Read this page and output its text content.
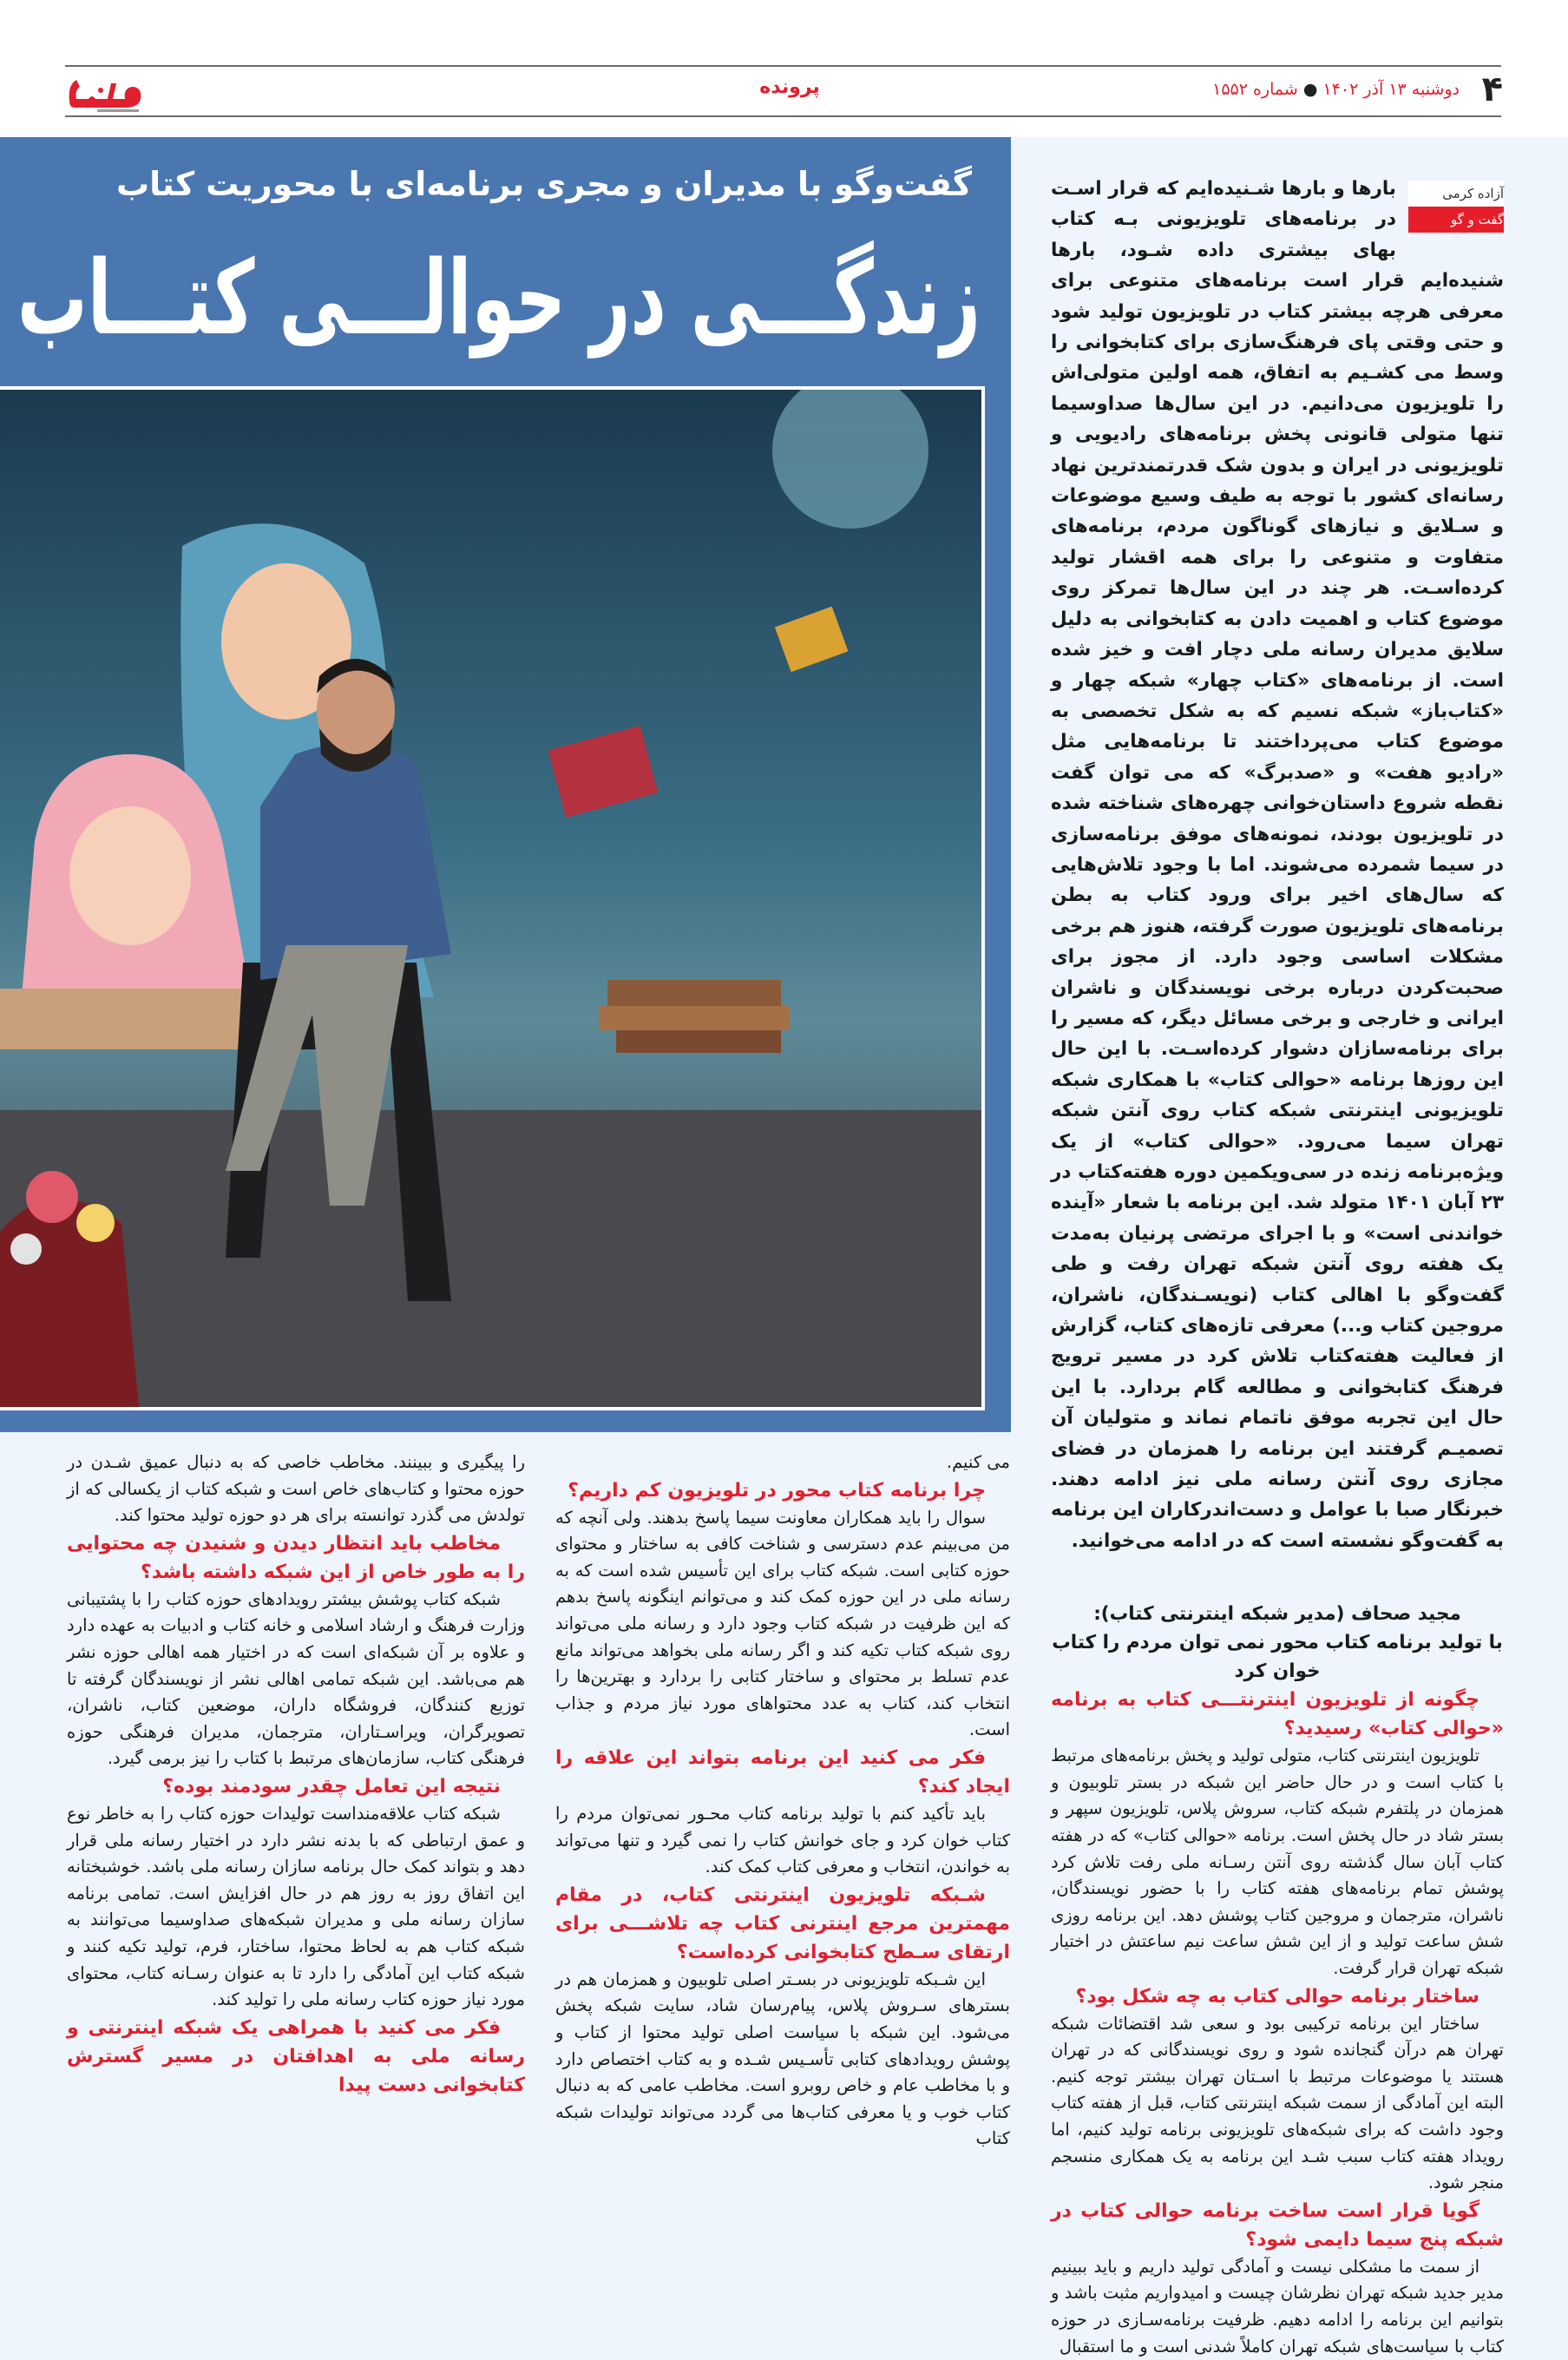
پرونده	۴
دوشنبه ۱۳ آذر ۱۴۰۲ ● شماره ۱۵۵۲
گفت‌وگو با مدیران و مجری برنامه‌ای با محوریت کتاب
زندگـــی در حوالـــی کتـــاب
آزاده کرمی
گفت و گو

بارها و بارها شـنیده‌ایم که قرار اسـت در برنامه‌های تلویزیونی بـه کتاب بهای بیشتری داده شـود، بارها شنیده‌ایم قرار است برنامه‌های متنوعی برای معرفی هرچه بیشتر کتاب در تلویزیون تولید شود و حتی وقتی پای فرهنگ‌سازی برای کتابخوانی را وسط می کشـیم به اتفاق، همه اولین متولی‌اش را تلویزیون می‌دانیم. در این سال‌ها صداوسیما تنها متولی قانونی پخش برنامه‌های رادیویی و تلویزیونی در ایران و بدون شک قدرتمندترین نهاد رسانه‌ای کشور با توجه به طیف وسیع موضوعات و سـلایق و نیازهای گوناگون مردم، برنامه‌های متفاوت و متنوعی را برای همه اقشار تولید کرده‌اسـت. هر چند در این سال‌ها تمرکز روی موضوع کتاب و اهمیت دادن به کتابخوانی به دلیل سلایق مدیران رسانه ملی دچار افت و خیز شده است. از برنامه‌های «کتاب چهار» شبکه چهار و «کتاب‌باز» شبکه نسیم که به شکل تخصصی به موضوع کتاب می‌پرداختند تا برنامه‌هایی مثل «رادیو هفت» و «صدبرگ» که می توان گفت نقطه شروع داستان‌خوانی چهره‌های شناخته شده در تلویزیون بودند، نمونه‌های موفق برنامه‌سازی در سیما شمرده می‌شوند. اما با وجود تلاش‌هایی که سال‌های اخیر برای ورود کتاب به بطن برنامه‌های تلویزیون صورت گرفته، هنوز هم برخی مشکلات اساسی وجود دارد. از مجوز برای صحبت‌کردن درباره برخی نویسندگان و ناشران ایرانی و خارجی و برخی مسائل دیگر، که مسیر را برای برنامه‌سازان دشوار کرده‌اسـت. با این حال این روزها برنامه «حوالی کتاب» با همکاری شبکه تلویزیونی اینترنتی شبکه کتاب روی آنتن شبکه تهران سیما می‌رود. «حوالی کتاب» از یک ویژه‌برنامه زنده در سی‌ویکمین دوره هفته‌کتاب در ۲۳ آبان ۱۴۰۱ متولد شد. این برنامه با شعار «آینده خواندنی است» و با اجرای مرتضی پرنیان به‌مدت یک هفته روی آنتن شبکه تهران رفت و طی گفت‌وگو با اهالی کتاب (نویسـندگان، ناشران، مروجین کتاب و...) معرفی تازه‌های کتاب، گزارش از فعالیت هفته‌کتاب تلاش کرد در مسیر ترویج فرهنگ کتابخوانی و مطالعه گام بردارد. با این حال این تجربه موفق ناتمام نماند و متولیان آن تصمیـم گرفتند این برنامه را همزمان در فضای مجازی روی آنتن رسانه ملی نیز ادامه دهند. خبرنگار صبا با عوامل و دست‌اندرکاران این برنامه به گفت‌وگو نشسته است که در ادامه می‌خوانید.

مجید صحاف (مدیر شبکه اینترنتی کتاب):
با تولید برنامه کتاب محور نمی توان مردم را کتاب خوان کرد

چگونه از تلویزیون اینترنتـــی کتاب به برنامه «حوالی کتاب» رسیدید؟

تلویزیون اینترنتی کتاب، متولی تولید و پخش برنامه‌های مرتبط با کتاب است و در حال حاضر این شبکه در بستر تلوبیون و همزمان در پلتفرم شبکه کتاب، سروش پلاس، تلویزیون سپهر و بستر شاد در حال پخش است. برنامه «حوالی کتاب» که در هفته کتاب آبان سال گذشته روی آنتن رسـانه ملی رفت تلاش کرد پوشش تمام برنامه‌های هفته کتاب را با حضور نویسندگان، ناشران، مترجمان و مروجین کتاب پوشش دهد. این برنامه روزی شش ساعت تولید و از این شش ساعت نیم ساعتش در اختیار شبکه تهران قرار گرفت.

ساختار برنامه حوالی کتاب به چه شکل بود؟

ساختار این برنامه ترکیبی بود و سعی شد اقتضائات شبکه تهران هم درآن گنجانده شود و روی نویسندگانی که در تهران هستند یا موضوعات مرتبط با اسـتان تهران بیشتر توجه کنیم. البته این آمادگی از سمت شبکه اینترنتی کتاب، قبل از هفته کتاب وجود داشت که برای شبکه‌های تلویزیونی برنامه تولید کنیم، اما رویداد هفته کتاب سبب شـد این برنامه به یک همکاری منسجم منجر شود.

گویا قرار است ساخت برنامه حوالی کتاب در شبکه پنج سیما دایمی شود؟

از سمت ما مشکلی نیست و آمادگی تولید داریم و باید ببینیم مدیر جدید شبکه تهران نظرشان چیست و امیدواریم مثبت باشد و بتوانیم این برنامه را ادامه دهیم. ظرفیت برنامه‌سـازی در حوزه کتاب با سیاست‌های شبکه تهران کاملاً شدنی است و ما استقبال

می کنیم.

چرا برنامه کتاب محور در تلویزیون کم داریم؟

سوال را باید همکاران معاونت سیما پاسخ بدهند. ولی آنچه که من می‌بینم عدم دسترسی و شناخت کافی به ساختار و محتوای حوزه کتابی است. شبکه کتاب برای این تأسیس شده است که به رسانه ملی در این حوزه کمک کند و می‌توانم اینگونه پاسخ بدهم که این ظرفیت در شبکه کتاب وجود دارد و رسانه ملی می‌تواند روی شبکه کتاب تکیه کند و اگر رسانه ملی بخواهد می‌تواند مانع عدم تسلط بر محتوای و ساختار کتابی را بردارد و بهترین‌ها را انتخاب کند، کتاب به عدد محتواهای مورد نیاز مردم و جذاب است.

فکر می کنید این برنامه بتواند این علاقه را ایجاد کند؟

باید تأکید کنم با تولید برنامه کتاب محـور نمی‌توان مردم را کتاب خوان کرد و جای خوانش کتاب را نمی گیرد و تنها می‌تواند به خواندن، انتخاب و معرفی کتاب کمک کند.

شـبکه تلویزیون اینترنتی کتاب، در مقام مهمترین مرجع اینترنی کتاب چه تلاشـــی برای ارتقای سـطح کتابخوانی کرده‌است؟

این شـبکه تلویزیونی در بسـتر اصلی تلوبیون و همزمان هم در بسترهای سـروش پلاس، پیام‌رسان شاد، سایت شبکه پخش می‌شود. این شبکه با سیاست اصلی تولید محتوا از کتاب و پوشش رویدادهای کتابی تأسـیس شـده و به کتاب اختصاص دارد و با مخاطب عام و خاص روبرو است. مخاطب عامی که به دنبال کتاب خوب و یا معرفی کتاب‌ها می گردد می‌تواند تولیدات شبکه کتاب

را پیگیری و ببینند. مخاطب خاصی که به دنبال عمیق شـدن در حوزه محتوا و کتاب‌های خاص است و شبکه کتاب از یکسالی که از تولدش می گذرد توانسته برای هر دو حوزه تولید محتوا کند.

مخاطب باید انتظار دیدن و شنیدن چه محتوایی را به طور خاص از این شبکه داشته باشد؟

شبکه کتاب پوشش بیشتر رویدادهای حوزه کتاب را با پشتیبانی وزارت فرهنگ و ارشاد اسلامی و خانه کتاب و ادبیات به عهده دارد و علاوه بر آن شبکه‌ای است که در اختیار همه اهالی حوزه نشر هم می‌باشد. این شبکه تمامی اهالی نشر از نویسندگان گرفته تا توزیع کنندگان، فروشگاه داران، موضعین کتاب، ناشران، تصویرگران، ویراسـتاران، مترجمان، مدیران فرهنگی حوزه فرهنگی کتاب، سازمان‌های مرتبط با کتاب را نیز برمی گیرد.

نتیجه این تعامل چقدر سودمند بوده؟

شبکه کتاب علاقه‌منداست تولیدات حوزه کتاب را به خاطر نوع و عمق ارتباطی که با بدنه نشر دارد در اختیار رسانه ملی قرار دهد و بتواند کمک حال برنامه سازان رسانه ملی باشد. خوشبختانه این اتفاق روز به روز هم در حال افزایش است. تمامی برنامه سازان رسانه ملی و مدیران شبکه‌های صداوسیما می‌توانند به شبکه کتاب هم به لحاظ محتوا، ساختار، فرم، تولید تکیه کنند و شبکه کتاب این آمادگی را دارد تا به عنوان رسـانه کتاب، محتوای مورد نیاز حوزه کتاب رسانه ملی را تولید کند.

فکر می کنید با همراهی یک شبکه اینترنتی و رسانه ملی به اهدافتان در مسیر گسترش کتابخوانی دست پیدا
